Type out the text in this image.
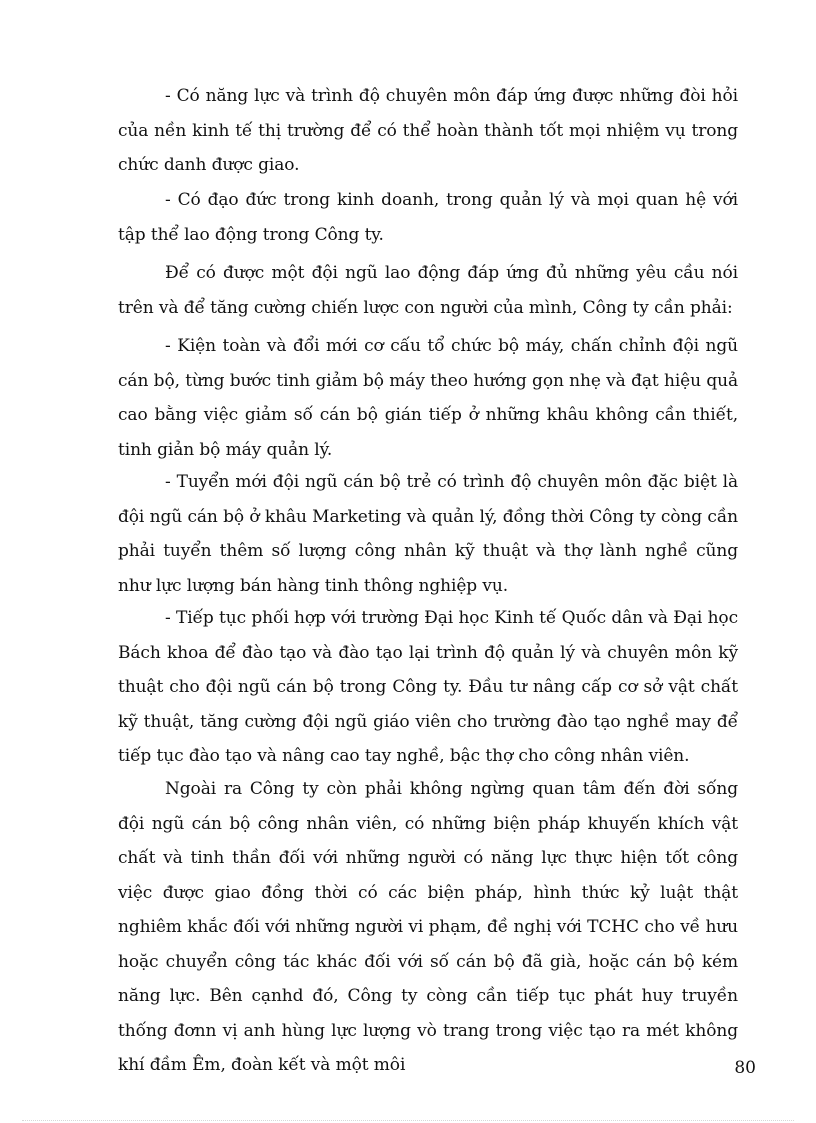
- Có năng lực và trình độ chuyên môn đáp ứng được những đòi hỏi của nền kinh tế thị trường để có thể hoàn thành tốt mọi nhiệm vụ trong chức danh được giao.

- Có đạo đức trong kinh doanh, trong quản lý và mọi quan hệ với tập thể lao động trong Công ty.

Để có được một đội ngũ lao động đáp ứng đủ những yêu cầu nói trên và để tăng cường chiến lược con người của mình, Công ty cần phải:

- Kiện toàn và đổi mới cơ cấu tổ chức bộ máy, chấn chỉnh đội ngũ cán bộ, từng bước tinh giảm bộ máy theo hướng gọn nhẹ và đạt hiệu quả cao bằng việc giảm số cán bộ gián tiếp ở những khâu không cần thiết, tinh giản bộ máy quản lý.

- Tuyển mới đội ngũ cán bộ trẻ có trình độ chuyên môn đặc biệt là đội ngũ cán bộ ở khâu Marketing và quản lý, đồng thời Công ty còng cần phải tuyển thêm số lượng công nhân kỹ thuật và thợ lành nghề cũng như lực lượng bán hàng tinh thông nghiệp vụ.

- Tiếp tục phối hợp với trường Đại học Kinh tế Quốc dân và Đại học Bách khoa để đào tạo và đào tạo lại trình độ quản lý và chuyên môn kỹ thuật cho đội ngũ cán bộ trong Công ty. Đầu tư nâng cấp cơ sở vật chất kỹ thuật, tăng cường đội ngũ giáo viên cho trường đào tạo nghề may để tiếp tục đào tạo và nâng cao tay nghề, bậc thợ cho công nhân viên.

Ngoài ra Công ty còn phải không ngừng quan tâm đến đời sống đội ngũ cán bộ công nhân viên, có những biện pháp khuyến khích vật chất và tinh thần đối với những người có năng lực thực hiện tốt công việc được giao đồng thời có các biện pháp, hình thức kỷ luật thật nghiêm khắc đối với những người vi phạm, đề nghị với TCHC cho về hưu hoặc chuyển công tác khác đối với số cán bộ đã già, hoặc cán bộ kém năng lực. Bên cạnhd đó, Công ty còng cần tiếp tục phát huy truyền thống đơnn vị anh hùng lực lượng vò trang trong việc tạo ra mét không khí đầm Êm, đoàn kết và một môi	80
